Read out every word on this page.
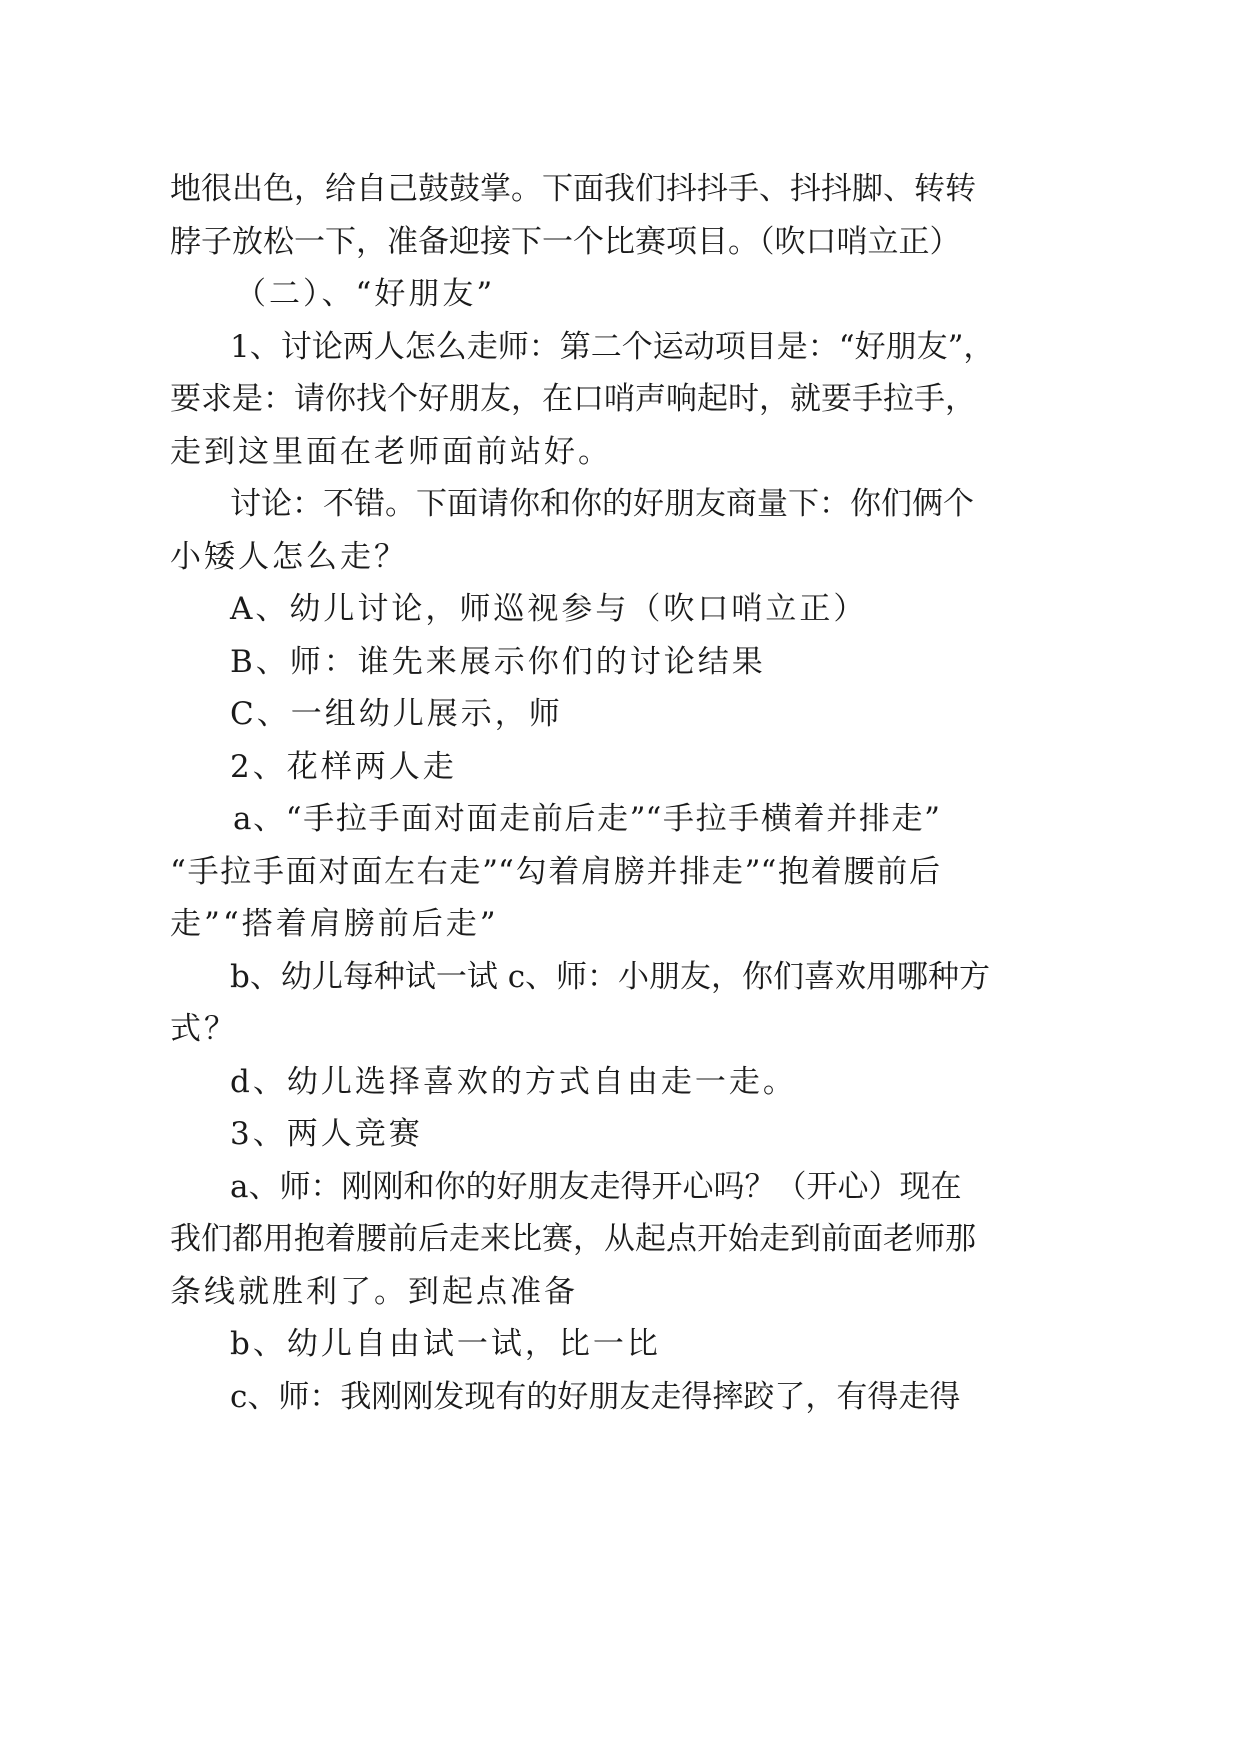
地很出色，给自己鼓鼓掌。下面我们抖抖手、抖抖脚、转转
脖子放松一下，准备迎接下一个比赛项目。（吹口哨立正）
（二）、“好朋友”
1、讨论两人怎么走师：第二个运动项目是：“好朋友”，
要求是：请你找个好朋友，在口哨声响起时，就要手拉手，
走到这里面在老师面前站好。
讨论：不错。下面请你和你的好朋友商量下：你们俩个
小矮人怎么走？
A、幼儿讨论，师巡视参与（吹口哨立正）
B、师：谁先来展示你们的讨论结果
C、一组幼儿展示，师
2、花样两人走
a、“手拉手面对面走前后走”“手拉手横着并排走”
“手拉手面对面左右走”“勾着肩膀并排走”“抱着腰前后
走”“搭着肩膀前后走”
b、幼儿每种试一试 c、师：小朋友，你们喜欢用哪种方
式？
d、幼儿选择喜欢的方式自由走一走。
3、两人竞赛
a、师：刚刚和你的好朋友走得开心吗？（开心）现在
我们都用抱着腰前后走来比赛，从起点开始走到前面老师那
条线就胜利了。到起点准备
b、幼儿自由试一试，比一比
c、师：我刚刚发现有的好朋友走得摔跤了，有得走得
